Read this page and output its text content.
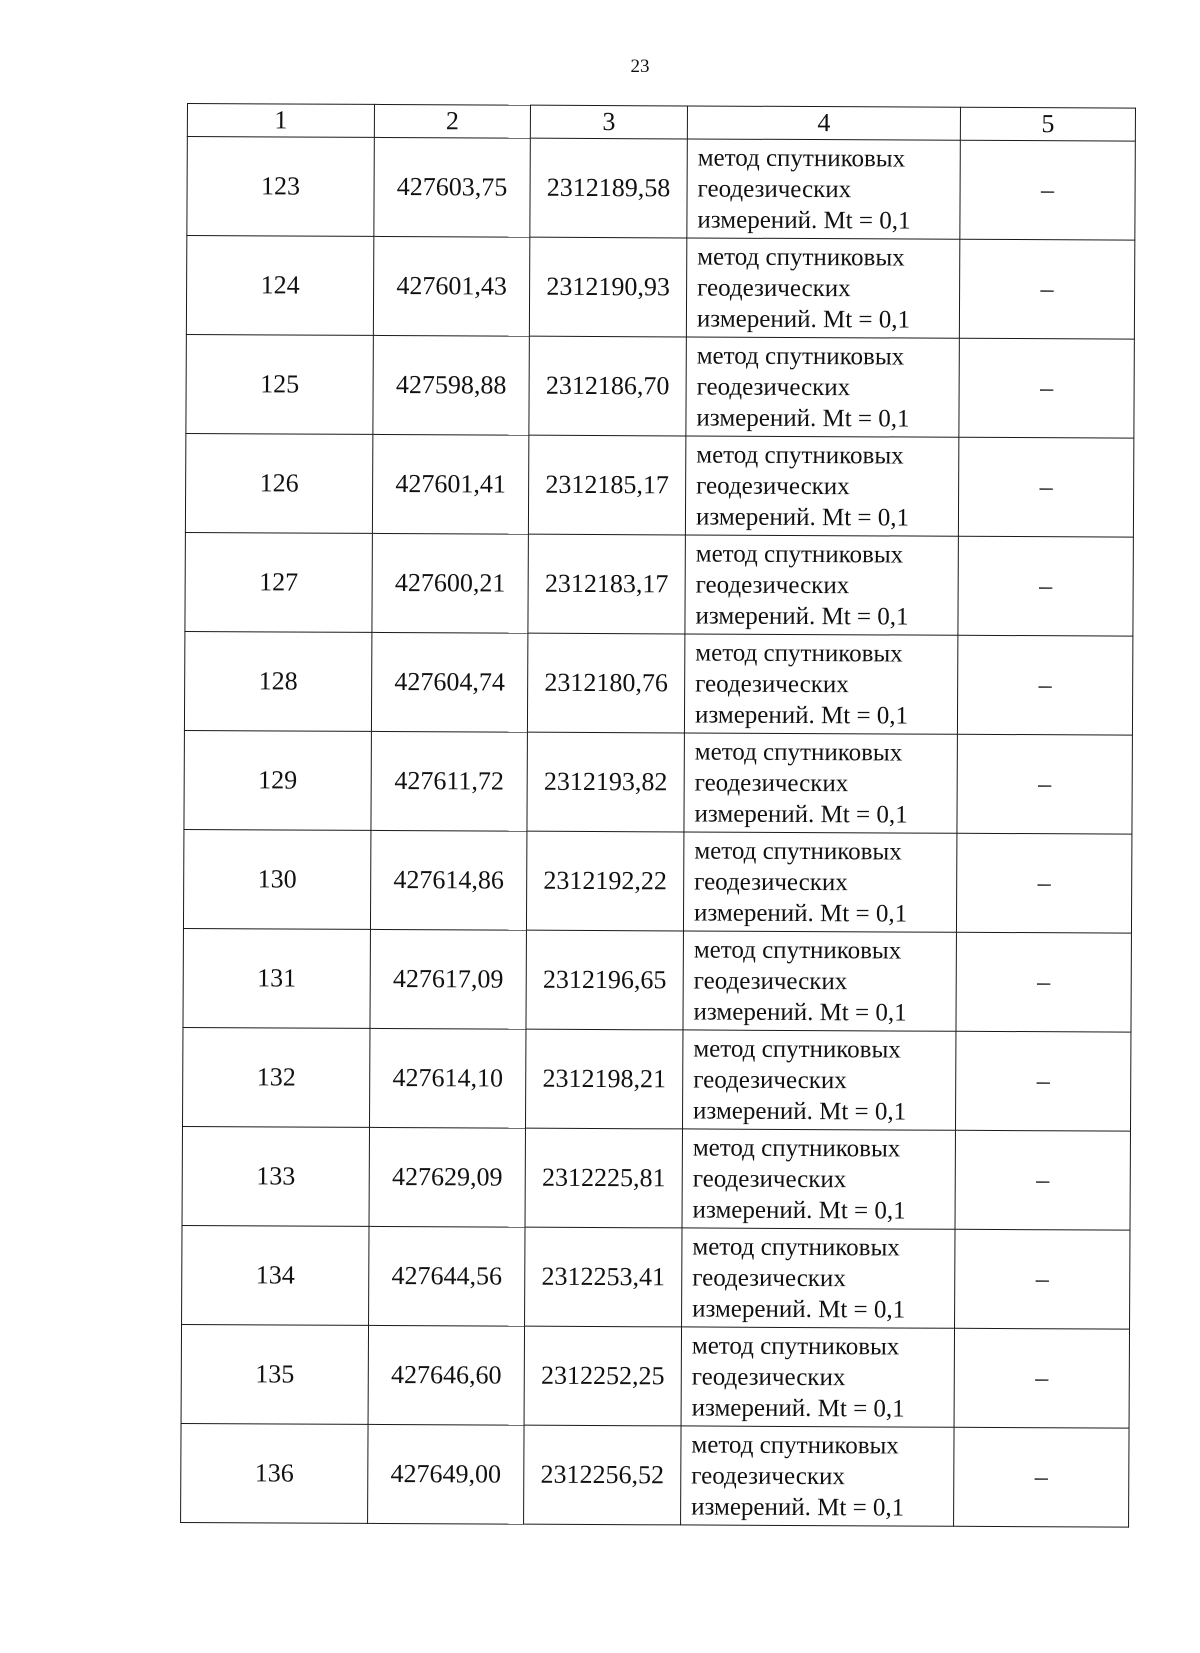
23
1	2	3	4	5
123	427603,75	2312189,58	метод спутниковых
геодезических
измерений. Mt = 0,1	–
124	427601,43	2312190,93	метод спутниковых
геодезических
измерений. Mt = 0,1	–
125	427598,88	2312186,70	метод спутниковых
геодезических
измерений. Mt = 0,1	–
126	427601,41	2312185,17	метод спутниковых
геодезических
измерений. Mt = 0,1	–
127	427600,21	2312183,17	метод спутниковых
геодезических
измерений. Mt = 0,1	–
128	427604,74	2312180,76	метод спутниковых
геодезических
измерений. Mt = 0,1	–
129	427611,72	2312193,82	метод спутниковых
геодезических
измерений. Mt = 0,1	–
130	427614,86	2312192,22	метод спутниковых
геодезических
измерений. Mt = 0,1	–
131	427617,09	2312196,65	метод спутниковых
геодезических
измерений. Mt = 0,1	–
132	427614,10	2312198,21	метод спутниковых
геодезических
измерений. Mt = 0,1	–
133	427629,09	2312225,81	метод спутниковых
геодезических
измерений. Mt = 0,1	–
134	427644,56	2312253,41	метод спутниковых
геодезических
измерений. Mt = 0,1	–
135	427646,60	2312252,25	метод спутниковых
геодезических
измерений. Mt = 0,1	–
136	427649,00	2312256,52	метод спутниковых
геодезических
измерений. Mt = 0,1	–
